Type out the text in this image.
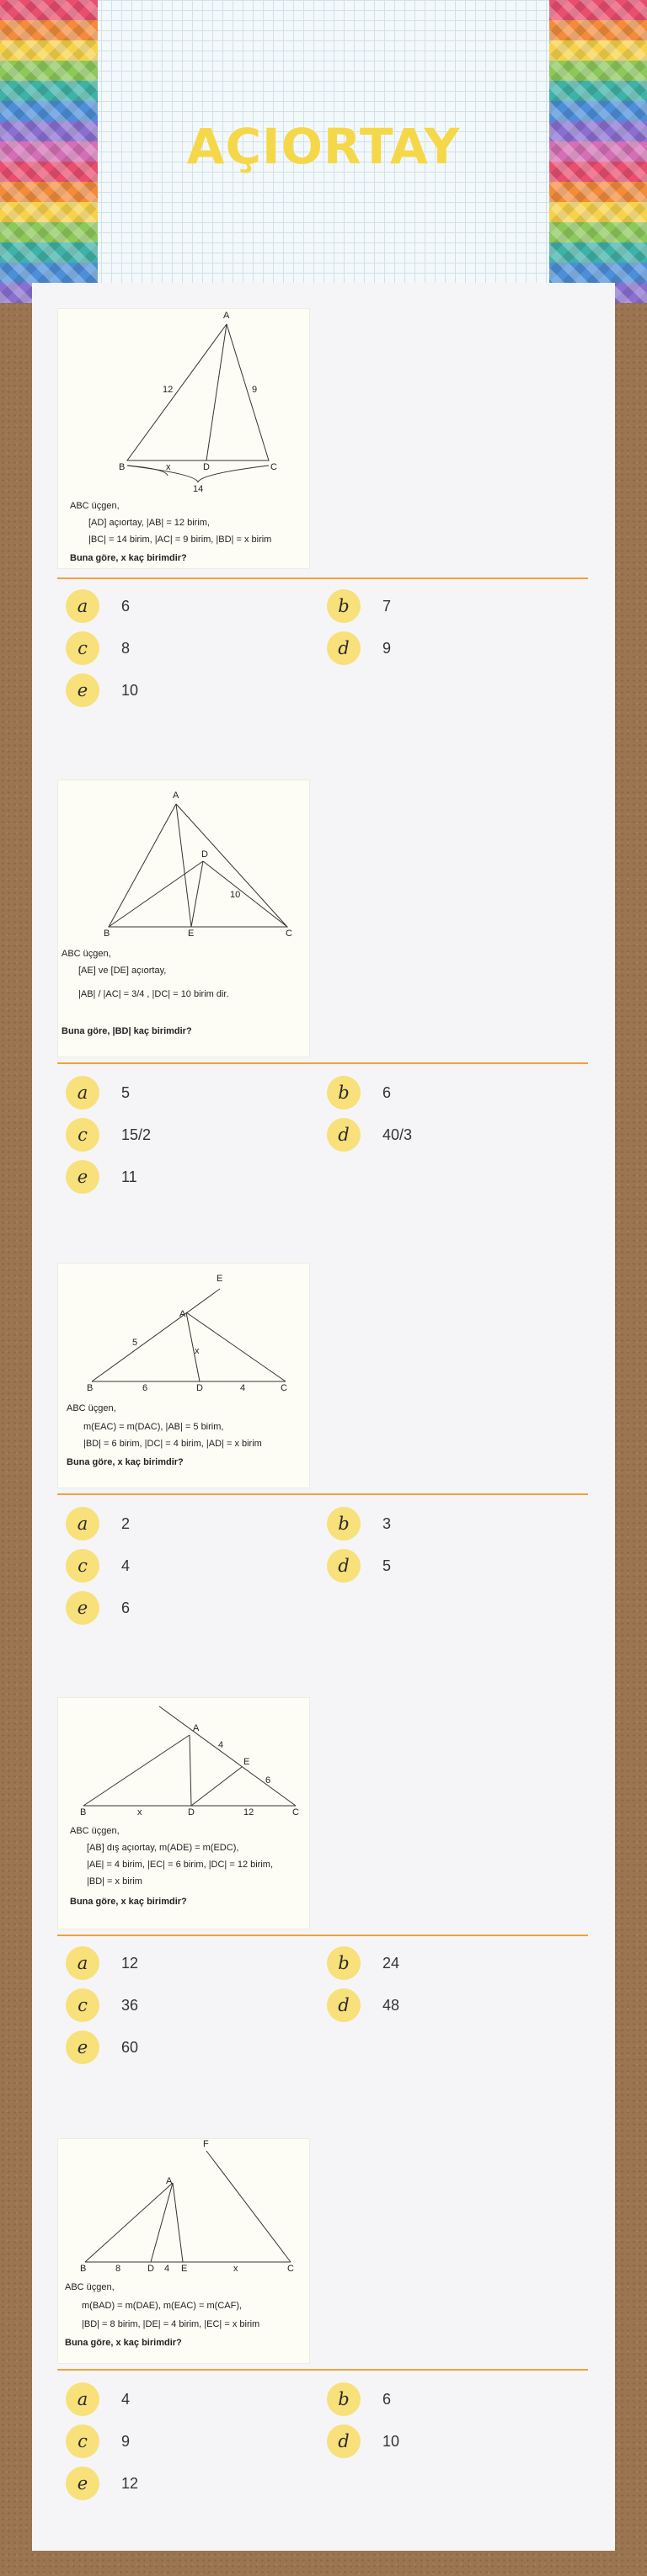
AÇIORTAY
A
B	C
D
12	9
x
14
ABC üçgen,
[AD] açıortay, |AB| = 12 birim,
|BC| = 14 birim, |AC| = 9 birim, |BD| = x birim
Buna göre, x kaç birimdir?
a	6	b	7
c	8	d	9
e	10
A
B	C
D
E
10
ABC üçgen,
[AE] ve [DE] açıortay,
|AB| / |AC| = 3/4 , |DC| = 10 birim dir.
Buna göre, |BD| kaç birimdir?
a	5	b	6
c	15/2	d	40/3
e	11
A
B	C
D
E
5
6	4
x
ABC üçgen,
m(EAC) = m(DAC), |AB| = 5 birim,
|BD| = 6 birim, |DC| = 4 birim, |AD| = x birim
Buna göre, x kaç birimdir?
a	2	b	3
c	4	d	5
e	6
A
B	C
D
E
4
6
x	12
ABC üçgen,
[AB] dış açıortay, m(ADE) = m(EDC),
|AE| = 4 birim, |EC| = 6 birim, |DC| = 12 birim,
|BD| = x birim
Buna göre, x kaç birimdir?
a	12	b	24
c	36	d	48
e	60
A
B	C
D	E
F
8	4	x
ABC üçgen,
m(BAD) = m(DAE), m(EAC) = m(CAF),
|BD| = 8 birim, |DE| = 4 birim, |EC| = x birim
Buna göre, x kaç birimdir?
a	4	b	6
c	9	d	10
e	12
